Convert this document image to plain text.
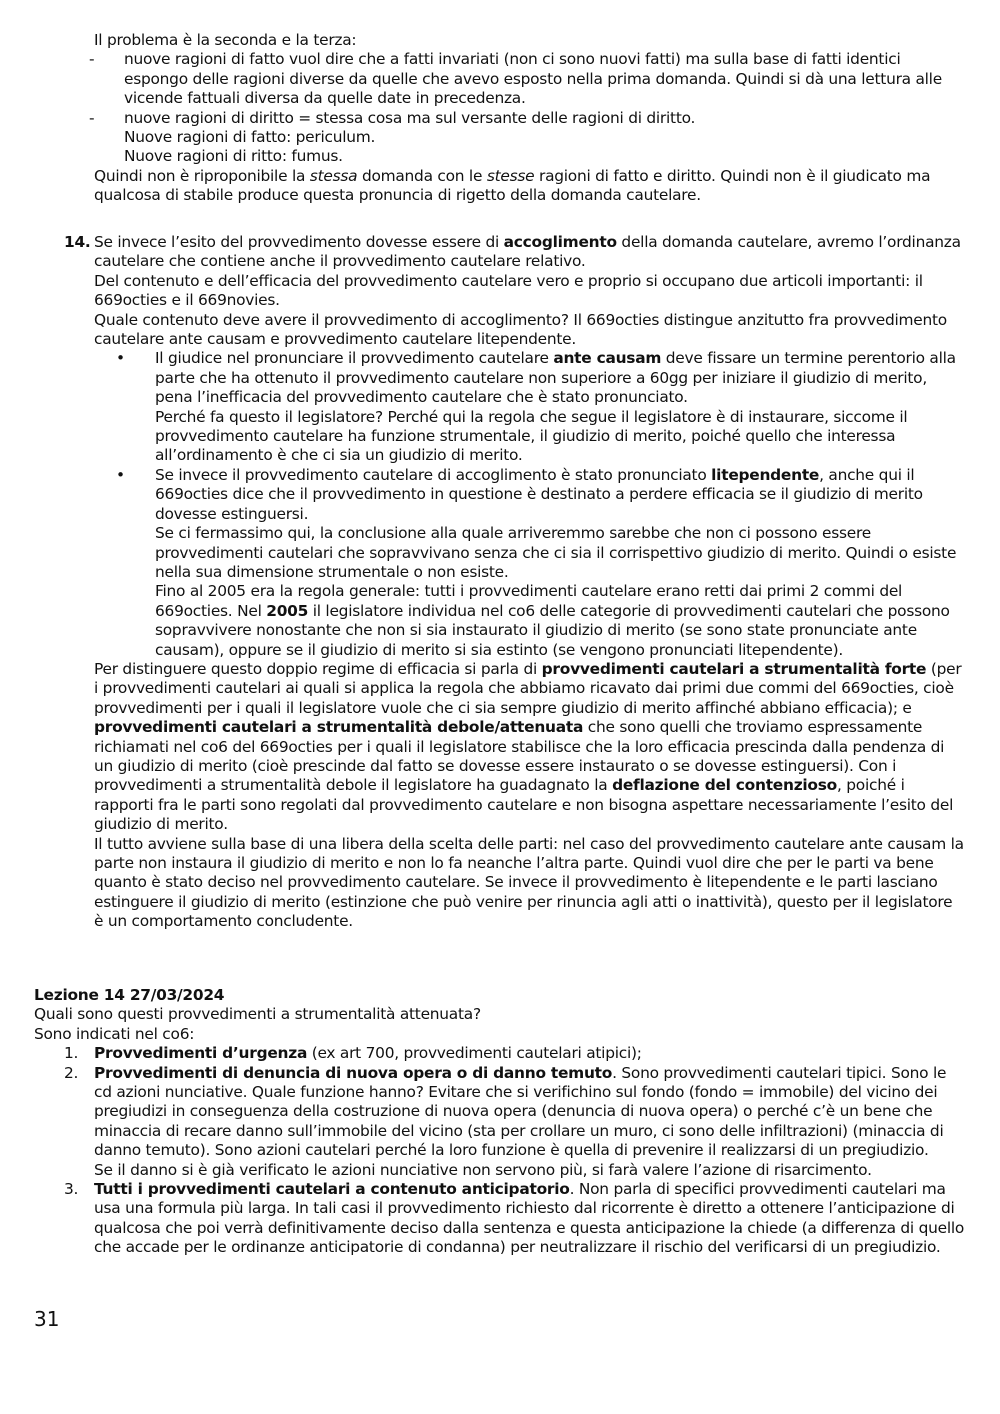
Il problema è la seconda e la terza:

-	nuove ragioni di fatto vuol dire che a fatti invariati (non ci sono nuovi fatti) ma sulla base di fatti identici espongo delle ragioni diverse da quelle che avevo esposto nella prima domanda. Quindi si dà una lettura alle vicende fattuali diversa da quelle date in precedenza.
-	nuove ragioni di diritto = stessa cosa ma sul versante delle ragioni di diritto.
Nuove ragioni di fatto: periculum.
Nuove ragioni di ritto: fumus.

Quindi non è riproponibile la stessa domanda con le stesse ragioni di fatto e diritto. Quindi non è il giudicato ma qualcosa di stabile produce questa pronuncia di rigetto della domanda cautelare.

14. Se invece l’esito del provvedimento dovesse essere di accoglimento della domanda cautelare, avremo l’ordinanza cautelare che contiene anche il provvedimento cautelare relativo.

Del contenuto e dell’efficacia del provvedimento cautelare vero e proprio si occupano due articoli importanti: il 669octies e il 669novies.

Quale contenuto deve avere il provvedimento di accoglimento? Il 669octies distingue anzitutto fra provvedimento cautelare ante causam e provvedimento cautelare litependente.

•	Il giudice nel pronunciare il provvedimento cautelare ante causam deve fissare un termine perentorio alla parte che ha ottenuto il provvedimento cautelare non superiore a 60gg per iniziare il giudizio di merito, pena l’inefficacia del provvedimento cautelare che è stato pronunciato.

Perché fa questo il legislatore? Perché qui la regola che segue il legislatore è di instaurare, siccome il provvedimento cautelare ha funzione strumentale, il giudizio di merito, poiché quello che interessa all’ordinamento è che ci sia un giudizio di merito.

•	Se invece il provvedimento cautelare di accoglimento è stato pronunciato litependente, anche qui il 669octies dice che il provvedimento in questione è destinato a perdere efficacia se il giudizio di merito dovesse estinguersi.

Se ci fermassimo qui, la conclusione alla quale arriveremmo sarebbe che non ci possono essere provvedimenti cautelari che sopravvivano senza che ci sia il corrispettivo giudizio di merito. Quindi o esiste nella sua dimensione strumentale o non esiste.

Fino al 2005 era la regola generale: tutti i provvedimenti cautelare erano retti dai primi 2 commi del 669octies. Nel 2005 il legislatore individua nel co6 delle categorie di provvedimenti cautelari che possono sopravvivere nonostante che non si sia instaurato il giudizio di merito (se sono state pronunciate ante causam), oppure se il giudizio di merito si sia estinto (se vengono pronunciati litependente).

Per distinguere questo doppio regime di efficacia si parla di provvedimenti cautelari a strumentalità forte (per i provvedimenti cautelari ai quali si applica la regola che abbiamo ricavato dai primi due commi del 669octies, cioè provvedimenti per i quali il legislatore vuole che ci sia sempre giudizio di merito affinché abbiano efficacia); e provvedimenti cautelari a strumentalità debole/attenuata che sono quelli che troviamo espressamente richiamati nel co6 del 669octies per i quali il legislatore stabilisce che la loro efficacia prescinda dalla pendenza di un giudizio di merito (cioè prescinde dal fatto se dovesse essere instaurato o se dovesse estinguersi). Con i provvedimenti a strumentalità debole il legislatore ha guadagnato la deflazione del contenzioso, poiché i rapporti fra le parti sono regolati dal provvedimento cautelare e non bisogna aspettare necessariamente l’esito del giudizio di merito.

Il tutto avviene sulla base di una libera della scelta delle parti: nel caso del provvedimento cautelare ante causam la parte non instaura il giudizio di merito e non lo fa neanche l’altra parte. Quindi vuol dire che per le parti va bene quanto è stato deciso nel provvedimento cautelare. Se invece il provvedimento è litependente e le parti lasciano estinguere il giudizio di merito (estinzione che può venire per rinuncia agli atti o inattività), questo per il legislatore è un comportamento concludente.

Lezione 14 27/03/2024

Quali sono questi provvedimenti a strumentalità attenuata?

Sono indicati nel co6:

1.	Provvedimenti d’urgenza (ex art 700, provvedimenti cautelari atipici);

2.	Provvedimenti di denuncia di nuova opera o di danno temuto. Sono provvedimenti cautelari tipici. Sono le cd azioni nunciative. Quale funzione hanno? Evitare che si verifichino sul fondo (fondo = immobile) del vicino dei pregiudizi in conseguenza della costruzione di nuova opera (denuncia di nuova opera) o perché c’è un bene che minaccia di recare danno sull’immobile del vicino (sta per crollare un muro, ci sono delle infiltrazioni) (minaccia di danno temuto). Sono azioni cautelari perché la loro funzione è quella di prevenire il realizzarsi di un pregiudizio.

Se il danno si è già verificato le azioni nunciative non servono più, si farà valere l’azione di risarcimento.

3.	Tutti i provvedimenti cautelari a contenuto anticipatorio. Non parla di specifici provvedimenti cautelari ma usa una formula più larga. In tali casi il provvedimento richiesto dal ricorrente è diretto a ottenere l’anticipazione di qualcosa che poi verrà definitivamente deciso dalla sentenza e questa anticipazione la chiede (a differenza di quello che accade per le ordinanze anticipatorie di condanna) per neutralizzare il rischio del verificarsi di un pregiudizio.

31
